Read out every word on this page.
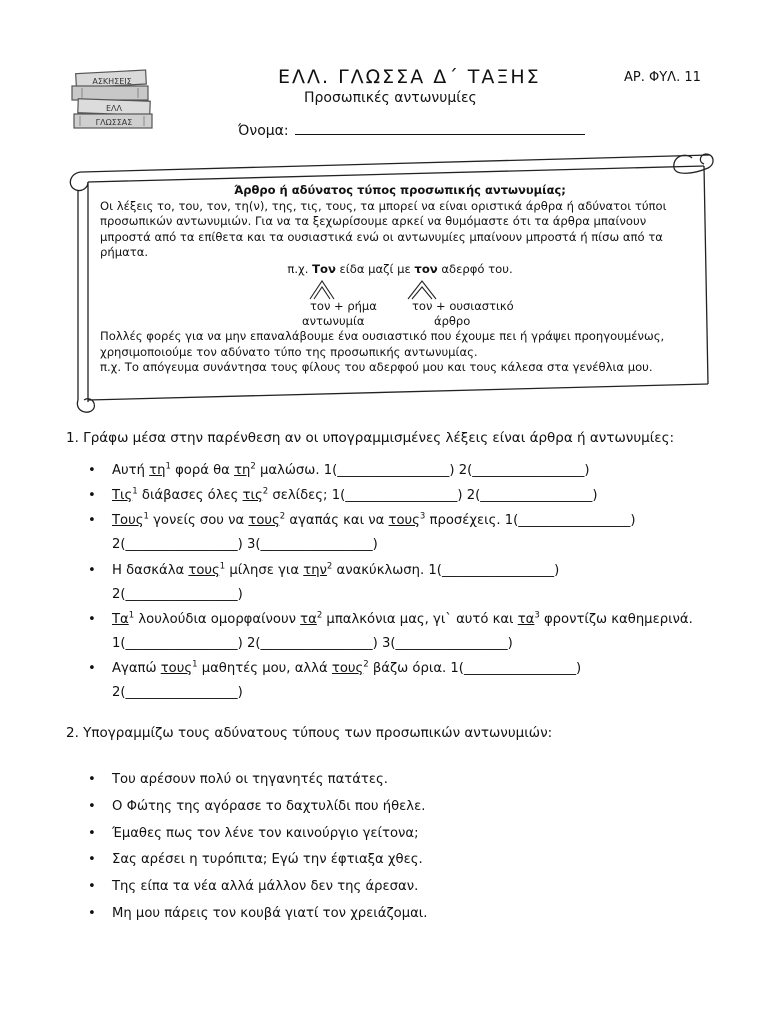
ΑΣΚΗΣΕΙΣ
ΕΛΛ
ΓΛΩΣΣΑΣ
ΕΛΛ. ΓΛΩΣΣΑ Δ΄ ΤΑΞΗΣ	ΑΡ. ΦΥΛ. 11
Προσωπικές αντωνυμίες
Όνομα:
Άρθρο ή αδύνατος τύπος προσωπικής αντωνυμίας;

Οι λέξεις το, του, τον, τη(ν), της, τις, τους, τα μπορεί να είναι οριστικά άρθρα ή αδύνατοι τύποι προσωπικών αντωνυμιών. Για να τα ξεχωρίσουμε αρκεί να θυμόμαστε ότι τα άρθρα μπαίνουν μπροστά από τα επίθετα και τα ουσιαστικά ενώ οι αντωνυμίες μπαίνουν μπροστά ή πίσω από τα ρήματα.

π.χ. Τον είδα μαζί με τον αδερφό του.
τον + ρήμα
αντωνυμία
τον + ουσιαστικό
άρθρο

Πολλές φορές για να μην επαναλάβουμε ένα ουσιαστικό που έχουμε πει ή γράψει προηγουμένως, χρησιμοποιούμε τον αδύνατο τύπο της προσωπικής αντωνυμίας.

π.χ. Το απόγευμα συνάντησα τους φίλους του αδερφού μου και τους κάλεσα στα γενέθλια μου.

1. Γράφω μέσα στην παρένθεση αν οι υπογραμμισμένες λέξεις είναι άρθρα ή αντωνυμίες:
• Αυτή $\tau\eta^1$ φορά θα $\tau\eta^2$ μαλώσω. 1(_________________) 2(_________________)
• Τις$^1$ διάβασες όλες τις$^2$ σελίδες; 1(_________________) 2(_________________)
• Τους$^1$ γονείς σου να τους$^2$ αγαπάς και να τους$^3$ προσέχεις. 1(_________________)
2(_________________) 3(_________________)
• Η δασκάλα τους$^1$ μίλησε για την$^2$ ανακύκλωση. 1(_________________)
2(_________________)
• $T\alpha^1$ λουλούδια ομορφαίνουν $\tau\alpha^2$ μπαλκόνια μας, γι` αυτό και $\tau\alpha^3$ φροντίζω καθημερινά.
1(_________________) 2(_________________) 3(_________________)
• Αγαπώ τους$^1$ μαθητές μου, αλλά τους$^2$ βάζω όρια. 1(_________________)
2(_________________)
2. Υπογραμμίζω τους αδύνατους τύπους των προσωπικών αντωνυμιών:
• Του αρέσουν πολύ οι τηγανητές πατάτες.
• Ο Φώτης της αγόρασε το δαχτυλίδι που ήθελε.
• Έμαθες πως τον λένε τον καινούργιο γείτονα;
• Σας αρέσει η τυρόπιτα; Εγώ την έφτιαξα χθες.
• Της είπα τα νέα αλλά μάλλον δεν της άρεσαν.
• Μη μου πάρεις τον κουβά γιατί τον χρειάζομαι.
